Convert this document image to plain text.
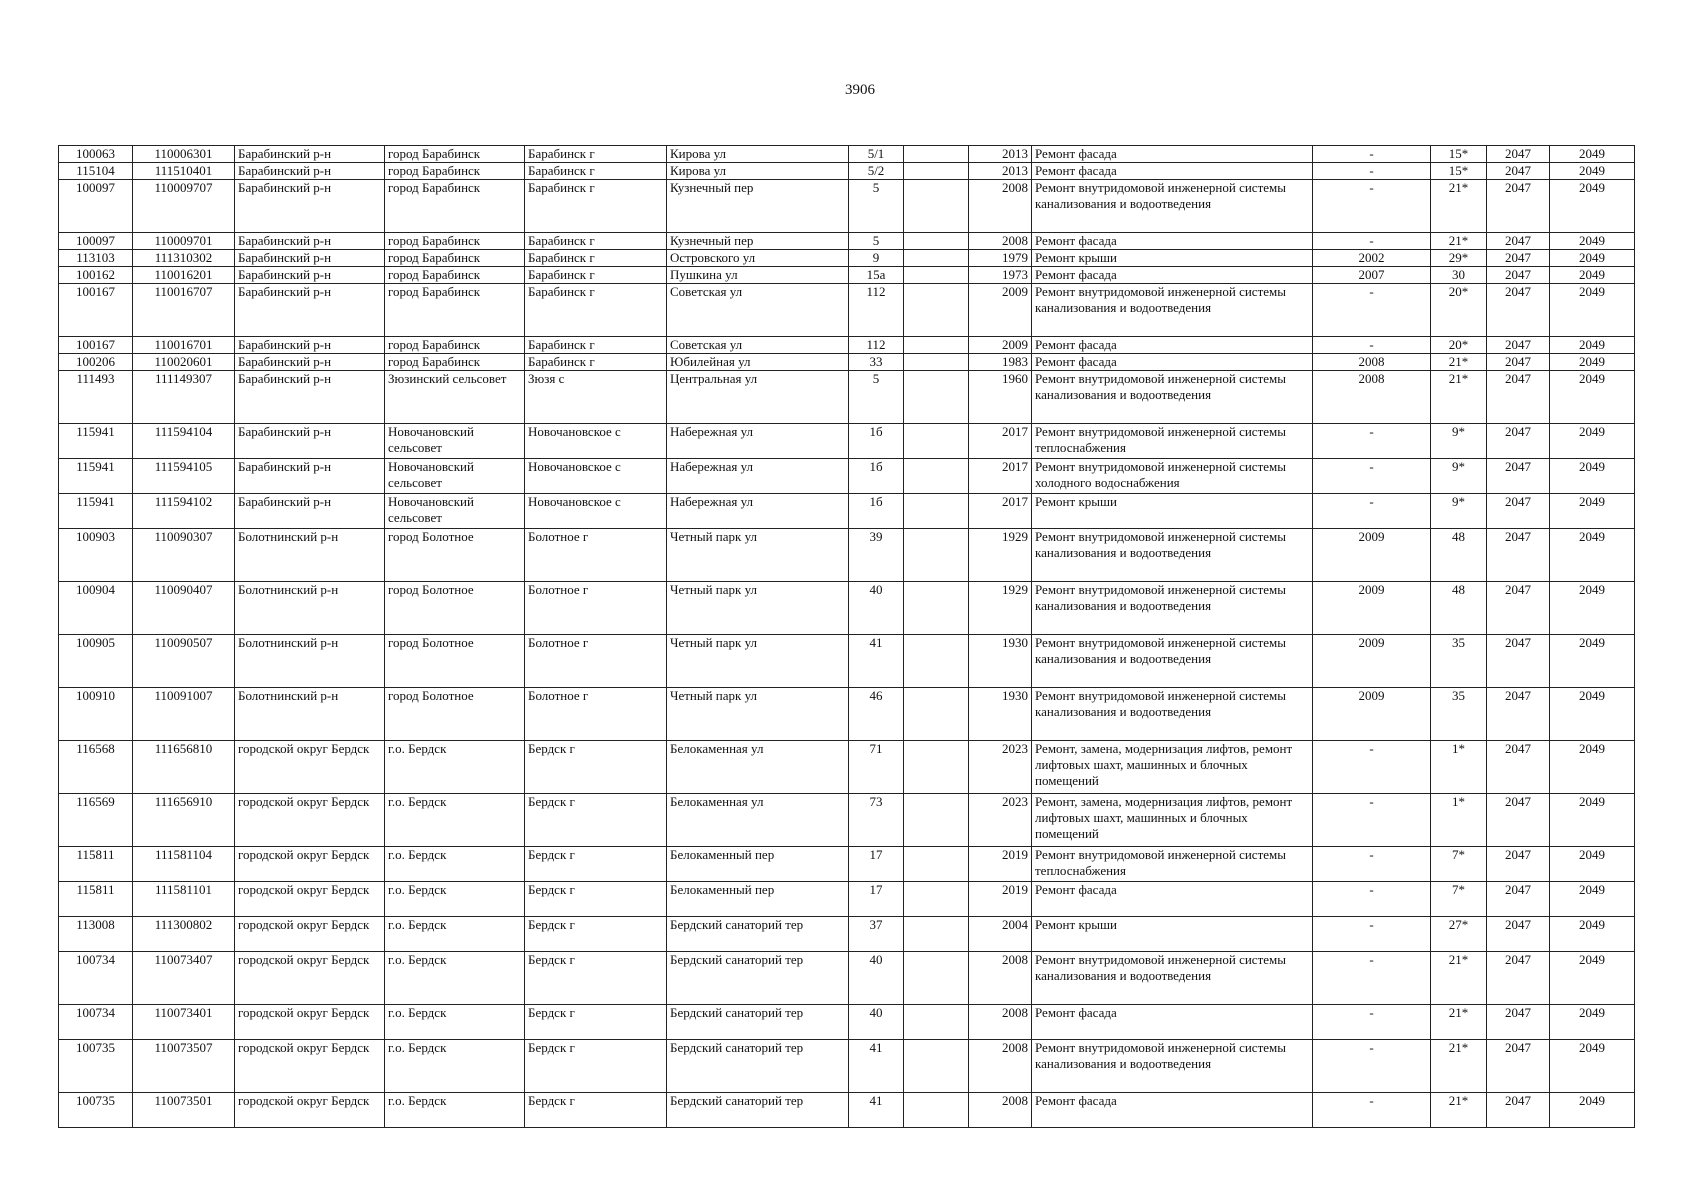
3906
100063	110006301	Барабинский р-н	город Барабинск	Барабинск г	Кирова ул	5/1		2013	Ремонт фасада	-	15*	2047	2049
115104	111510401	Барабинский р-н	город Барабинск	Барабинск г	Кирова ул	5/2		2013	Ремонт фасада	-	15*	2047	2049
100097	110009707	Барабинский р-н	город Барабинск	Барабинск г	Кузнечный пер	5		2008	Ремонт внутридомовой инженерной системы канализования и водоотведения	-	21*	2047	2049
100097	110009701	Барабинский р-н	город Барабинск	Барабинск г	Кузнечный пер	5		2008	Ремонт фасада	-	21*	2047	2049
113103	111310302	Барабинский р-н	город Барабинск	Барабинск г	Островского ул	9		1979	Ремонт крыши	2002	29*	2047	2049
100162	110016201	Барабинский р-н	город Барабинск	Барабинск г	Пушкина ул	15а		1973	Ремонт фасада	2007	30	2047	2049
100167	110016707	Барабинский р-н	город Барабинск	Барабинск г	Советская ул	112		2009	Ремонт внутридомовой инженерной системы канализования и водоотведения	-	20*	2047	2049
100167	110016701	Барабинский р-н	город Барабинск	Барабинск г	Советская ул	112		2009	Ремонт фасада	-	20*	2047	2049
100206	110020601	Барабинский р-н	город Барабинск	Барабинск г	Юбилейная ул	33		1983	Ремонт фасада	2008	21*	2047	2049
111493	111149307	Барабинский р-н	Зюзинский сельсовет	Зюзя с	Центральная ул	5		1960	Ремонт внутридомовой инженерной системы канализования и водоотведения	2008	21*	2047	2049
115941	111594104	Барабинский р-н	Новочановский сельсовет	Новочановское с	Набережная ул	1б		2017	Ремонт внутридомовой инженерной системы теплоснабжения	-	9*	2047	2049
115941	111594105	Барабинский р-н	Новочановский сельсовет	Новочановское с	Набережная ул	1б		2017	Ремонт внутридомовой инженерной системы холодного водоснабжения	-	9*	2047	2049
115941	111594102	Барабинский р-н	Новочановский сельсовет	Новочановское с	Набережная ул	1б		2017	Ремонт крыши	-	9*	2047	2049
100903	110090307	Болотнинский р-н	город Болотное	Болотное г	Четный парк ул	39		1929	Ремонт внутридомовой инженерной системы канализования и водоотведения	2009	48	2047	2049
100904	110090407	Болотнинский р-н	город Болотное	Болотное г	Четный парк ул	40		1929	Ремонт внутридомовой инженерной системы канализования и водоотведения	2009	48	2047	2049
100905	110090507	Болотнинский р-н	город Болотное	Болотное г	Четный парк ул	41		1930	Ремонт внутридомовой инженерной системы канализования и водоотведения	2009	35	2047	2049
100910	110091007	Болотнинский р-н	город Болотное	Болотное г	Четный парк ул	46		1930	Ремонт внутридомовой инженерной системы канализования и водоотведения	2009	35	2047	2049
116568	111656810	городской округ Бердск	г.о. Бердск	Бердск г	Белокаменная ул	71		2023	Ремонт, замена, модернизация лифтов, ремонт лифтовых шахт, машинных и блочных помещений	-	1*	2047	2049
116569	111656910	городской округ Бердск	г.о. Бердск	Бердск г	Белокаменная ул	73		2023	Ремонт, замена, модернизация лифтов, ремонт лифтовых шахт, машинных и блочных помещений	-	1*	2047	2049
115811	111581104	городской округ Бердск	г.о. Бердск	Бердск г	Белокаменный пер	17		2019	Ремонт внутридомовой инженерной системы теплоснабжения	-	7*	2047	2049
115811	111581101	городской округ Бердск	г.о. Бердск	Бердск г	Белокаменный пер	17		2019	Ремонт фасада	-	7*	2047	2049
113008	111300802	городской округ Бердск	г.о. Бердск	Бердск г	Бердский санаторий тер	37		2004	Ремонт крыши	-	27*	2047	2049
100734	110073407	городской округ Бердск	г.о. Бердск	Бердск г	Бердский санаторий тер	40		2008	Ремонт внутридомовой инженерной системы канализования и водоотведения	-	21*	2047	2049
100734	110073401	городской округ Бердск	г.о. Бердск	Бердск г	Бердский санаторий тер	40		2008	Ремонт фасада	-	21*	2047	2049
100735	110073507	городской округ Бердск	г.о. Бердск	Бердск г	Бердский санаторий тер	41		2008	Ремонт внутридомовой инженерной системы канализования и водоотведения	-	21*	2047	2049
100735	110073501	городской округ Бердск	г.о. Бердск	Бердск г	Бердский санаторий тер	41		2008	Ремонт фасада	-	21*	2047	2049
